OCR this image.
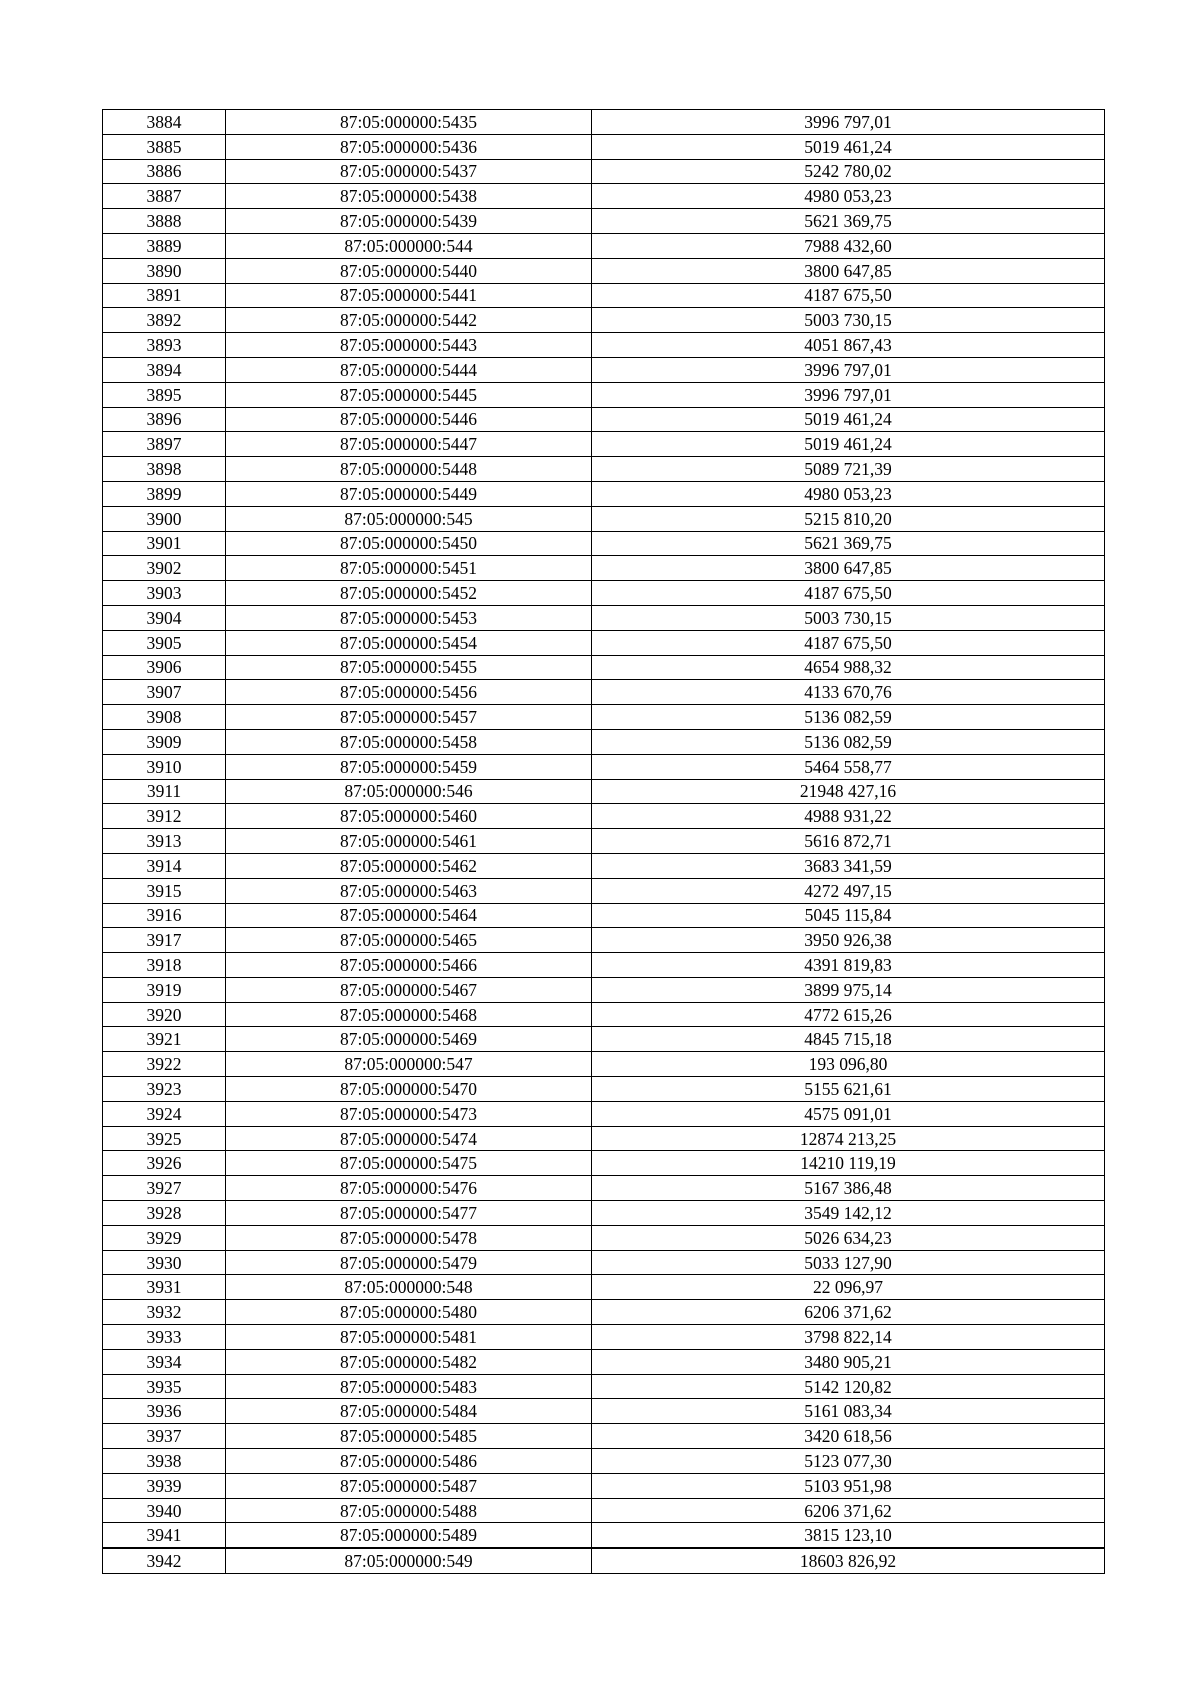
3884	87:05:000000:5435	3996 797,01
3885	87:05:000000:5436	5019 461,24
3886	87:05:000000:5437	5242 780,02
3887	87:05:000000:5438	4980 053,23
3888	87:05:000000:5439	5621 369,75
3889	87:05:000000:544	7988 432,60
3890	87:05:000000:5440	3800 647,85
3891	87:05:000000:5441	4187 675,50
3892	87:05:000000:5442	5003 730,15
3893	87:05:000000:5443	4051 867,43
3894	87:05:000000:5444	3996 797,01
3895	87:05:000000:5445	3996 797,01
3896	87:05:000000:5446	5019 461,24
3897	87:05:000000:5447	5019 461,24
3898	87:05:000000:5448	5089 721,39
3899	87:05:000000:5449	4980 053,23
3900	87:05:000000:545	5215 810,20
3901	87:05:000000:5450	5621 369,75
3902	87:05:000000:5451	3800 647,85
3903	87:05:000000:5452	4187 675,50
3904	87:05:000000:5453	5003 730,15
3905	87:05:000000:5454	4187 675,50
3906	87:05:000000:5455	4654 988,32
3907	87:05:000000:5456	4133 670,76
3908	87:05:000000:5457	5136 082,59
3909	87:05:000000:5458	5136 082,59
3910	87:05:000000:5459	5464 558,77
3911	87:05:000000:546	21948 427,16
3912	87:05:000000:5460	4988 931,22
3913	87:05:000000:5461	5616 872,71
3914	87:05:000000:5462	3683 341,59
3915	87:05:000000:5463	4272 497,15
3916	87:05:000000:5464	5045 115,84
3917	87:05:000000:5465	3950 926,38
3918	87:05:000000:5466	4391 819,83
3919	87:05:000000:5467	3899 975,14
3920	87:05:000000:5468	4772 615,26
3921	87:05:000000:5469	4845 715,18
3922	87:05:000000:547	193 096,80
3923	87:05:000000:5470	5155 621,61
3924	87:05:000000:5473	4575 091,01
3925	87:05:000000:5474	12874 213,25
3926	87:05:000000:5475	14210 119,19
3927	87:05:000000:5476	5167 386,48
3928	87:05:000000:5477	3549 142,12
3929	87:05:000000:5478	5026 634,23
3930	87:05:000000:5479	5033 127,90
3931	87:05:000000:548	22 096,97
3932	87:05:000000:5480	6206 371,62
3933	87:05:000000:5481	3798 822,14
3934	87:05:000000:5482	3480 905,21
3935	87:05:000000:5483	5142 120,82
3936	87:05:000000:5484	5161 083,34
3937	87:05:000000:5485	3420 618,56
3938	87:05:000000:5486	5123 077,30
3939	87:05:000000:5487	5103 951,98
3940	87:05:000000:5488	6206 371,62
3941	87:05:000000:5489	3815 123,10
3942	87:05:000000:549	18603 826,92
